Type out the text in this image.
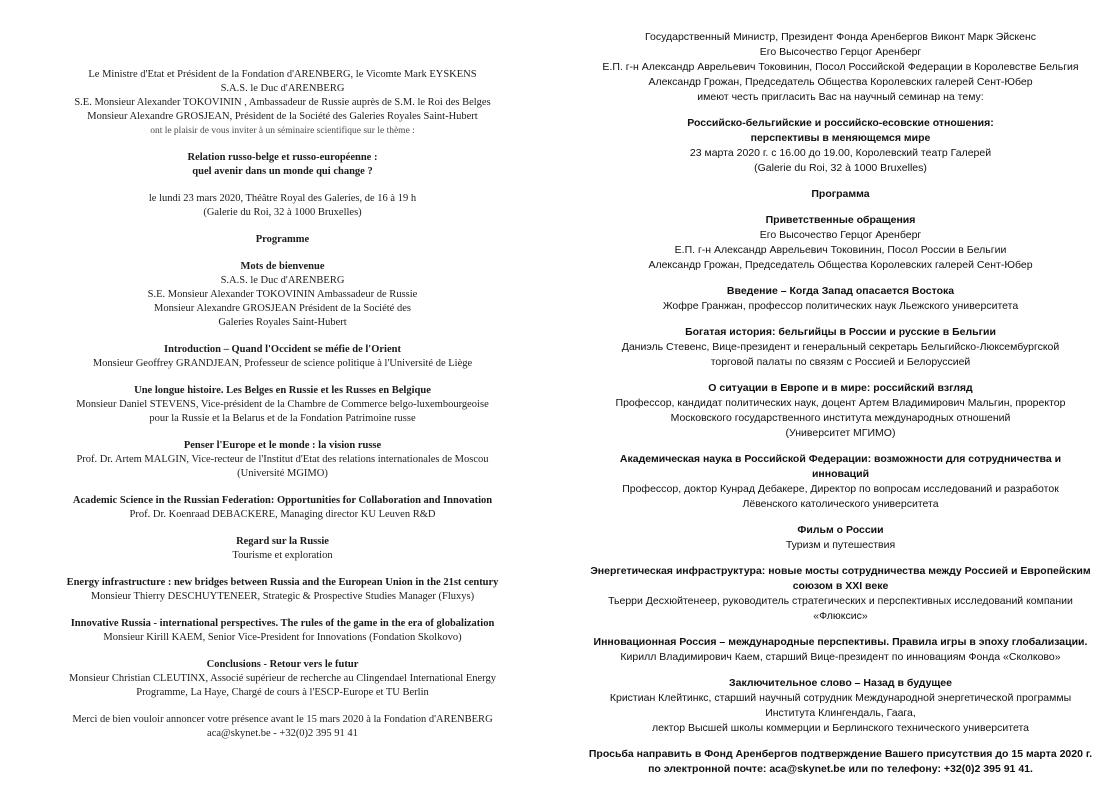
Le Ministre d'Etat et Président de la Fondation d'ARENBERG, le Vicomte Mark EYSKENS
S.A.S. le Duc d'ARENBERG
S.E. Monsieur Alexander TOKOVININ , Ambassadeur de Russie auprès de S.M. le Roi des Belges
Monsieur Alexandre GROSJEAN, Président de la Société des Galeries Royales Saint-Hubert
ont le plaisir de vous inviter à un séminaire scientifique sur le thème :
Relation russo-belge et russo-européenne :
quel avenir dans un monde qui change ?
le lundi 23 mars 2020, Théâtre Royal des Galeries, de 16 à 19 h
(Galerie du Roi, 32 à 1000 Bruxelles)
Programme
Mots de bienvenue
S.A.S. le Duc d'ARENBERG
S.E. Monsieur Alexander TOKOVININ Ambassadeur de Russie
Monsieur Alexandre GROSJEAN Président de la Société des
Galeries Royales Saint-Hubert
Introduction – Quand l'Occident se méfie de l'Orient
Monsieur Geoffrey GRANDJEAN, Professeur de science politique à l'Université de Liège
Une longue histoire. Les Belges en Russie et les Russes en Belgique
Monsieur Daniel STEVENS, Vice-président de la Chambre de Commerce belgo-luxembourgeoise
pour la Russie et la Belarus et de la Fondation Patrimoine russe
Penser l'Europe et le monde : la vision russe
Prof. Dr. Artem MALGIN, Vice-recteur de l'Institut d'Etat des relations internationales de Moscou
(Université MGIMO)
Academic Science in the Russian Federation: Opportunities for Collaboration and Innovation
Prof. Dr. Koenraad DEBACKERE, Managing director KU Leuven R&D
Regard sur la Russie
Tourisme et exploration
Energy infrastructure : new bridges between Russia and the European Union in the 21st century
Monsieur Thierry DESCHUYTENEER, Strategic & Prospective Studies Manager (Fluxys)
Innovative Russia - international perspectives. The rules of the game in the era of globalization
Monsieur Kirill KAEM, Senior Vice-President for Innovations (Fondation Skolkovo)
Conclusions - Retour vers le futur
Monsieur Christian CLEUTINX, Associé supérieur de recherche au Clingendael International Energy
Programme, La Haye, Chargé de cours à l'ESCP-Europe et TU Berlin
Merci de bien vouloir annoncer votre présence avant le 15 mars 2020 à la Fondation d'ARENBERG
aca@skynet.be - +32(0)2 395 91 41
Государственный Министр, Президент Фонда Аренбергов Виконт Марк Эйскенс
Его Высочество Герцог Аренберг
Е.П. г-н Александр Аврельевич Токовинин, Посол Российской Федерации в Королевстве Бельгия
Александр Грожан, Председатель Общества Королевских галерей Сент-Юбер
имеют честь пригласить Вас на научный семинар на тему:
Российско-бельгийские и российско-есовские отношения:
перспективы в меняющемся мире
23 марта 2020 г. с 16.00 до 19.00, Королевский театр Галерей
(Galerie du Roi, 32 à 1000 Bruxelles)
Программа
Приветственные обращения
Его Высочество Герцог Аренберг
Е.П. г-н Александр Аврельевич Токовинин, Посол России в Бельгии
Александр Грожан, Председатель Общества Королевских галерей Сент-Юбер
Введение – Когда Запад опасается Востока
Жофре Гранжан, профессор политических наук Льежского университета
Богатая история: бельгийцы в России и русские в Бельгии
Даниэль Стевенс, Вице-президент и генеральный секретарь Бельгийско-Люксембургской
торговой палаты по связям с Россией и Белоруссией
О ситуации в Европе и в мире: российский взгляд
Профессор, кандидат политических наук, доцент Артем Владимирович Мальгин, проректор
Московского государственного института международных отношений
(Университет МГИМО)
Академическая наука в Российской Федерации: возможности для сотрудничества и
инноваций
Профессор, доктор Кунрад Дебакере, Директор по вопросам исследований и разработок
Лёвенского католического университета
Фильм о России
Туризм и путешествия
Энергетическая инфраструктура: новые мосты сотрудничества между Россией и Европейским
союзом в XXI веке
Тьерри Десхюйтенеер, руководитель стратегических и перспективных исследований компании
«Флюксис»
Инновационная Россия – международные перспективы. Правила игры в эпоху глобализации.
Кирилл Владимирович Каем, старший Вице-президент по инновациям Фонда «Сколково»
Заключительное слово – Назад в будущее
Кристиан Клейтинкс, старший научный сотрудник Международной энергетической программы
Института Клингендаль, Гаага,
лектор Высшей школы коммерции и Берлинского технического университета
Просьба направить в Фонд Аренбергов подтверждение Вашего присутствия до 15 марта 2020 г.
по электронной почте: aca@skynet.be или по телефону: +32(0)2 395 91 41.
